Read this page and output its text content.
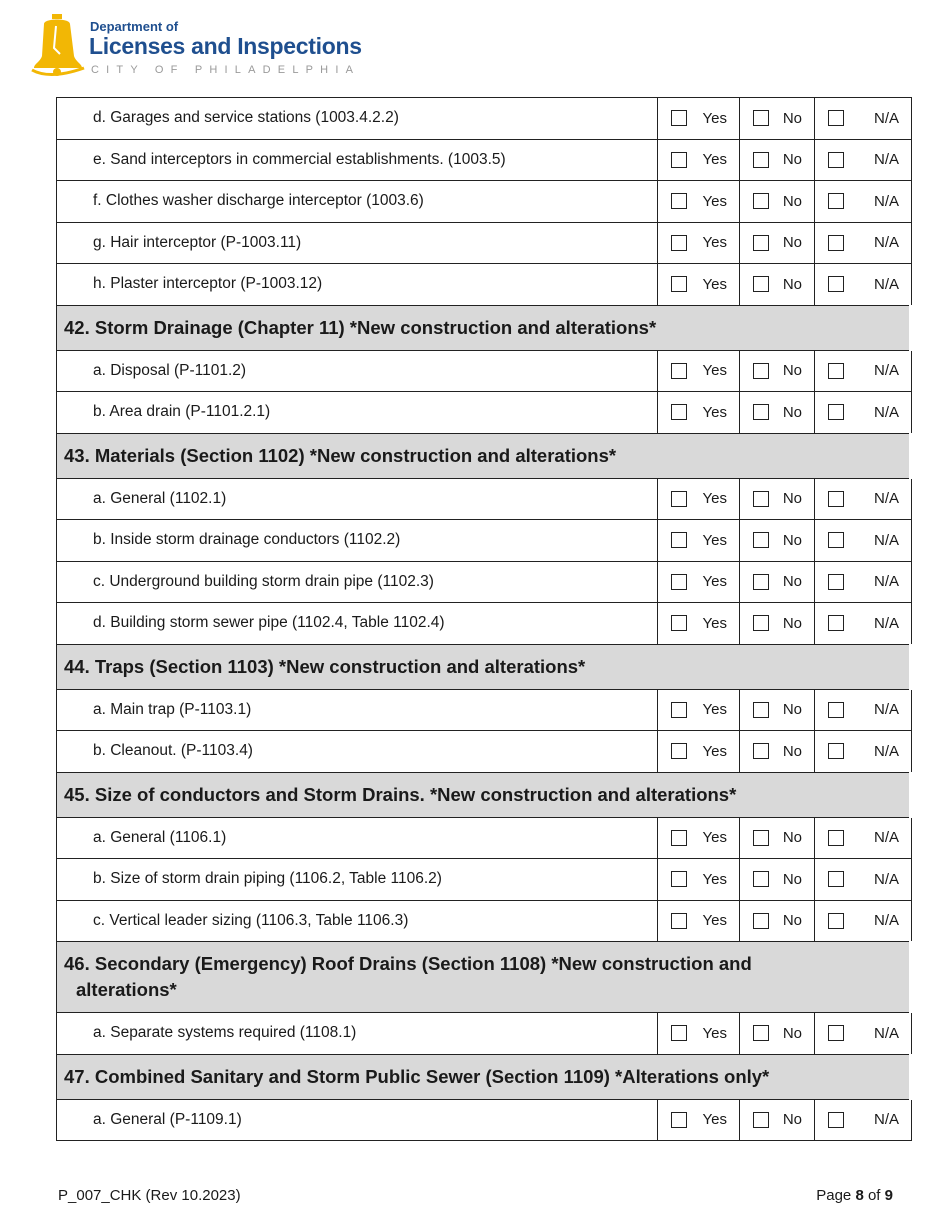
Department of
Licenses and Inspections
CITY OF PHILADELPHIA
d. Garages and service stations (1003.4.2.2)	Yes	No	N/A

e. Sand interceptors in commercial establishments. (1003.5)	Yes	No	N/A

f. Clothes washer discharge interceptor (1003.6)	Yes	No	N/A

g. Hair interceptor (P-1003.11)	Yes	No	N/A

h. Plaster interceptor (P-1003.12)	Yes	No	N/A

42. Storm Drainage (Chapter 11) *New construction and alterations*			

a. Disposal (P-1101.2)	Yes	No	N/A

b. Area drain (P-1101.2.1)	Yes	No	N/A

43. Materials (Section 1102) *New construction and alterations*			

a. General (1102.1)	Yes	No	N/A

b. Inside storm drainage conductors (1102.2)	Yes	No	N/A

c. Underground building storm drain pipe (1102.3)	Yes	No	N/A

d. Building storm sewer pipe (1102.4, Table 1102.4)	Yes	No	N/A

44. Traps (Section 1103) *New construction and alterations*			

a. Main trap (P-1103.1)	Yes	No	N/A

b. Cleanout. (P-1103.4)	Yes	No	N/A

45. Size of conductors and Storm Drains. *New construction and alterations*			

a. General (1106.1)	Yes	No	N/A

b. Size of storm drain piping (1106.2, Table 1106.2)	Yes	No	N/A

c. Vertical leader sizing (1106.3, Table 1106.3)	Yes	No	N/A

46. Secondary (Emergency) Roof Drains (Section 1108) *New construction and
alterations*			

a. Separate systems required (1108.1)	Yes	No	N/A

47. Combined Sanitary and Storm Public Sewer (Section 1109) *Alterations only*			

a. General (P-1109.1)	Yes	No	N/A
P_007_CHK (Rev 10.2023)	Page 8 of 9
